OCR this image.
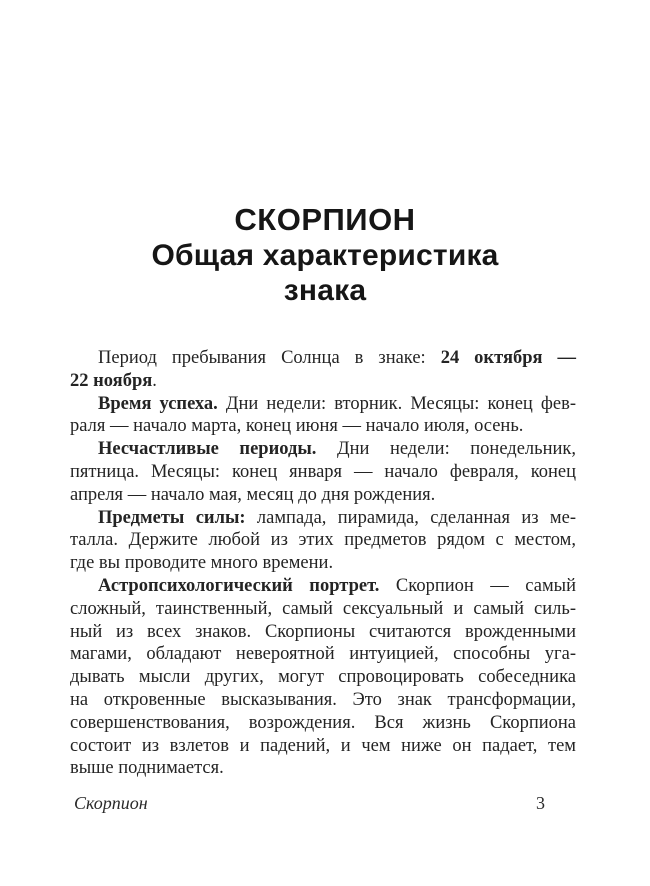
СКОРПИОН
Общая характеристика
знака
Период пребывания Солнца в знаке: 24 октября —
22 ноября.
Время успеха. Дни недели: вторник. Месяцы: конец фев-
раля — начало марта, конец июня — начало июля, осень.
Несчастливые периоды. Дни недели: понедельник,
пятница. Месяцы: конец января — начало февраля, конец
апреля — начало мая, месяц до дня рождения.
Предметы силы: лампада, пирамида, сделанная из ме-
талла. Держите любой из этих предметов рядом с местом,
где вы проводите много времени.
Астропсихологический портрет. Скорпион — самый
сложный, таинственный, самый сексуальный и самый силь-
ный из всех знаков. Скорпионы считаются врожденными
магами, обладают невероятной интуицией, способны уга-
дывать мысли других, могут спровоцировать собеседника
на откровенные высказывания. Это знак трансформации,
совершенствования, возрождения. Вся жизнь Скорпиона
состоит из взлетов и падений, и чем ниже он падает, тем
выше поднимается.
Скорпион	3
